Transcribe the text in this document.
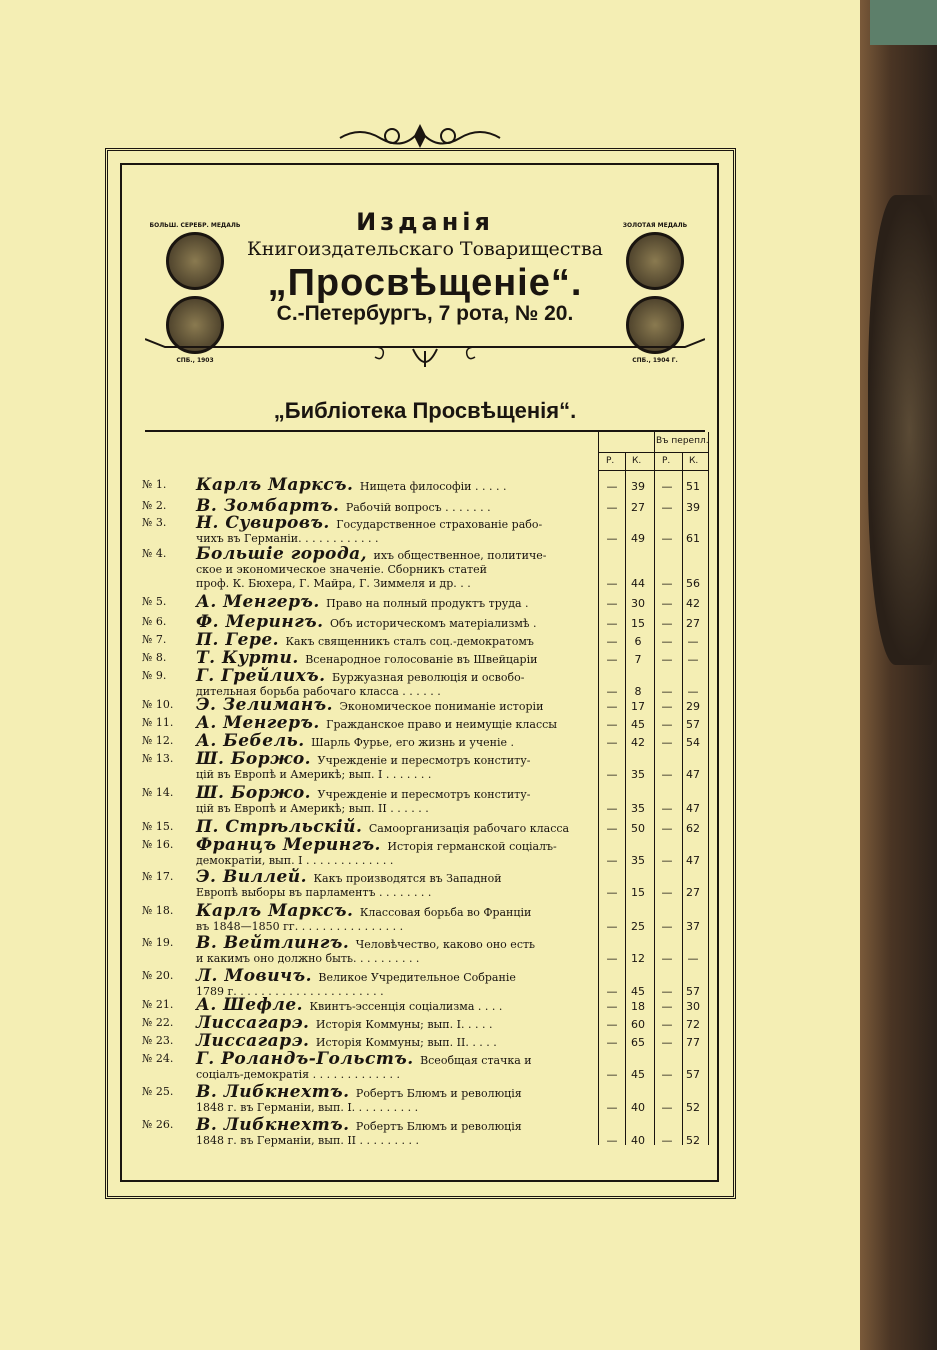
БОЛЬШ. СЕРЕБР. МЕДАЛЬ
СПБ., 1903
ЗОЛОТАЯ МЕДАЛЬ
СПБ., 1904 Г.
Изданія
Книгоиздательскаго Товарищества
„Просвѣщеніе“.
С.-Петербургъ, 7 рота, № 20.
„Библіотека Просвѣщенія“.
Въ перепл.
Р. К. Р. К.
№ 1.	Карлъ Марксъ. Нищета философіи . . . . .	—	39	—	51
№ 2.	В. Зомбартъ. Рабочій вопросъ . . . . . . .	—	27	—	39
№ 3.	Н. Сувировъ. Государственное страхованіе рабо-
чихъ въ Германіи. . . . . . . . . . . .	—	49	—	61
№ 4.	Большіе города, ихъ общественное, политиче-
ское и экономическое значеніе. Сборникъ статей
проф. К. Бюхера, Г. Майра, Г. Зиммеля и др. . .	—	44	—	56
№ 5.	А. Менгеръ. Право на полный продуктъ труда .	—	30	—	42
№ 6.	Ф. Мерингъ. Объ историческомъ матеріализмѣ .	—	15	—	27
№ 7.	П. Гере. Какъ священникъ сталъ соц.-демократомъ	—	6	—	—
№ 8.	Т. Курти. Всенародное голосованіе въ Швейцаріи	—	7	—	—
№ 9.	Г. Грейлихъ. Буржуазная революція и освобо-
дительная борьба рабочаго класса . . . . . .	—	8	—	—
№ 10.	Э. Зелиманъ. Экономическое пониманіе исторіи	—	17	—	29
№ 11.	А. Менгеръ. Гражданское право и неимущіе классы	—	45	—	57
№ 12.	А. Бебель. Шарль Фурье, его жизнь и ученіе .	—	42	—	54
№ 13.	Ш. Боржо. Учрежденіе и пересмотръ конститу-
цій въ Европѣ и Америкѣ; вып. I . . . . . . .	—	35	—	47
№ 14.	Ш. Боржо. Учрежденіе и пересмотръ конститу-
цій въ Европѣ и Америкѣ; вып. II . . . . . .	—	35	—	47
№ 15.	П. Стрѣльскій. Самоорганизація рабочаго класса	—	50	—	62
№ 16.	Францъ Мерингъ. Исторія германской соціалъ-
демократіи, вып. I . . . . . . . . . . . . .	—	35	—	47
№ 17.	Э. Виллей. Какъ производятся въ Западной
Европѣ выборы въ парламентъ . . . . . . . .	—	15	—	27
№ 18.	Карлъ Марксъ. Классовая борьба во Франціи
въ 1848—1850 гг. . . . . . . . . . . . . . . .	—	25	—	37
№ 19.	В. Вейтлингъ. Человѣчество, каково оно есть
и какимъ оно должно быть. . . . . . . . . .	—	12	—	—
№ 20.	Л. Мовичъ. Великое Учредительное Собраніе
1789 г. . . . . . . . . . . . . . . . . . . . . .	—	45	—	57
№ 21.	А. Шефле. Квинтъ-эссенція соціализма . . . .	—	18	—	30
№ 22.	Лиссагарэ. Исторія Коммуны; вып. I. . . . .	—	60	—	72
№ 23.	Лиссагарэ. Исторія Коммуны; вып. II. . . . .	—	65	—	77
№ 24.	Г. Роландъ-Гольстъ. Всеобщая стачка и
соціалъ-демократія . . . . . . . . . . . . .	—	45	—	57
№ 25.	В. Либкнехтъ. Робертъ Блюмъ и революція
1848 г. въ Германіи, вып. I. . . . . . . . . .	—	40	—	52
№ 26.	В. Либкнехтъ. Робертъ Блюмъ и революція
1848 г. въ Германіи, вып. II . . . . . . . . .	—	40	—	52
